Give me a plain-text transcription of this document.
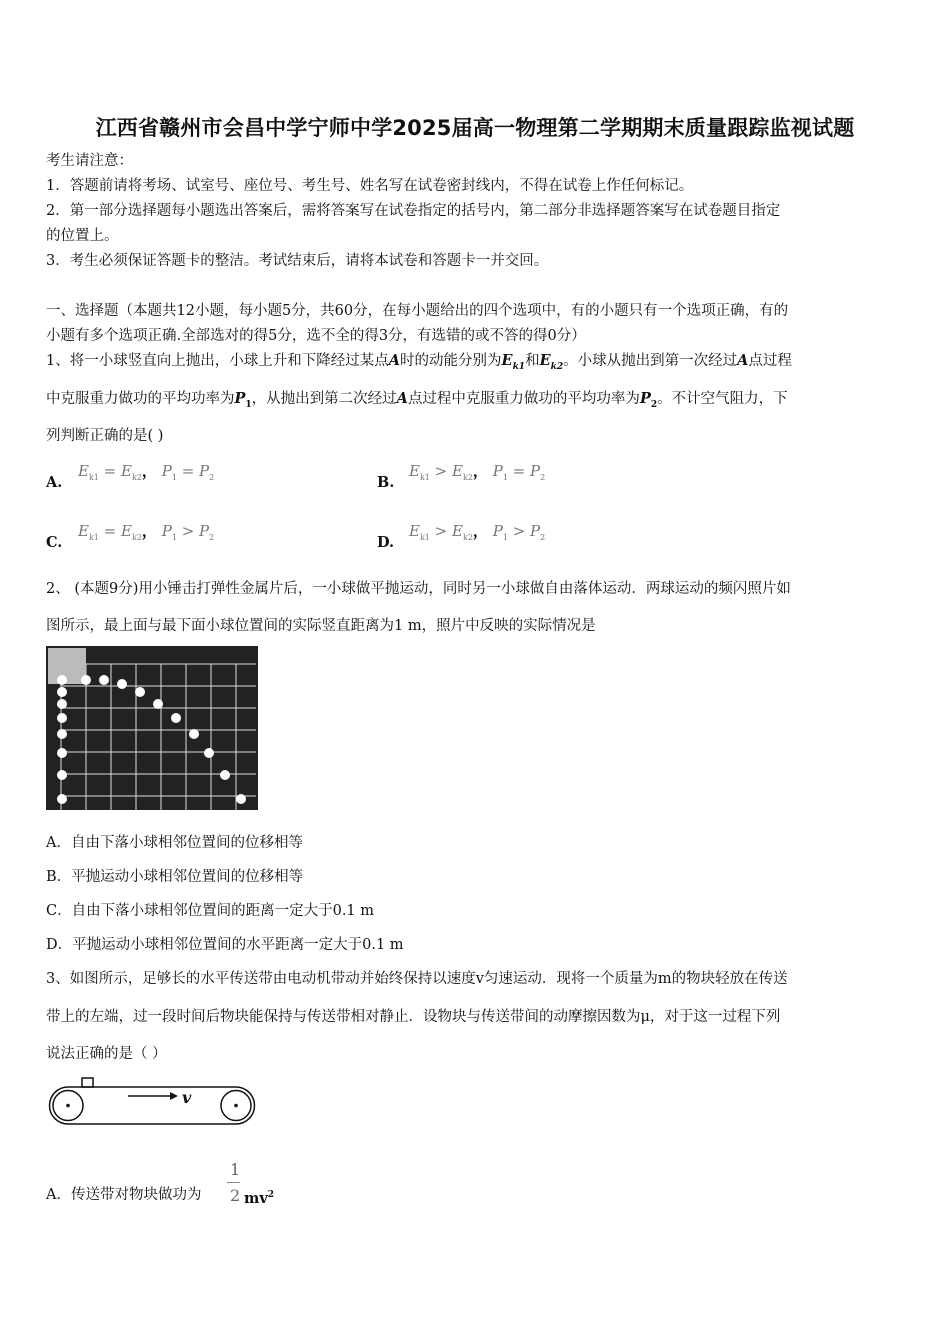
江西省赣州市会昌中学宁师中学2025届高一物理第二学期期末质量跟踪监视试题
考生请注意：
1．答题前请将考场、试室号、座位号、考生号、姓名写在试卷密封线内，不得在试卷上作任何标记。
2．第一部分选择题每小题选出答案后，需将答案写在试卷指定的括号内，第二部分非选择题答案写在试卷题目指定
的位置上。
3．考生必须保证答题卡的整洁。考试结束后，请将本试卷和答题卡一并交回。
一、选择题（本题共12小题，每小题5分，共60分，在每小题给出的四个选项中，有的小题只有一个选项正确，有的
小题有多个选项正确.全部选对的得5分，选不全的得3分，有选错的或不答的得0分）
1、将一小球竖直向上抛出，小球上升和下降经过某点A时的动能分别为$E_{k1}$和$E_{k2}$。小球从抛出到第一次经过A点过程
中克服重力做功的平均功率为$P_1$，从抛出到第二次经过A点过程中克服重力做功的平均功率为$P_2$。不计空气阻力，下
列判断正确的是( )
A.
$E_{k1} = E_{k2}$， $P_1 = P_2$	B.
$E_{k1} > E_{k2}$， $P_1 = P_2$
C.
$E_{k1} = E_{k2}$， $P_1 > P_2$	D.
$E_{k1} > E_{k2}$， $P_1 > P_2$
2、 (本题9分)用小锤击打弹性金属片后，一小球做平抛运动，同时另一小球做自由落体运动．两球运动的频闪照片如
图所示，最上面与最下面小球位置间的实际竖直距离为1 m，照片中反映的实际情况是
A．自由下落小球相邻位置间的位移相等
B．平抛运动小球相邻位置间的位移相等
C．自由下落小球相邻位置间的距离一定大于0.1 m
D．平抛运动小球相邻位置间的水平距离一定大于0.1 m
3、如图所示，足够长的水平传送带由电动机带动并始终保持以速度v匀速运动．现将一个质量为m的物块轻放在传送
带上的左端，过一段时间后物块能保持与传送带相对静止．设物块与传送带间的动摩擦因数为μ，对于这一过程下列
说法正确的是（ ）
v
A．传送带对物块做功为
1
2 $mv^2$
